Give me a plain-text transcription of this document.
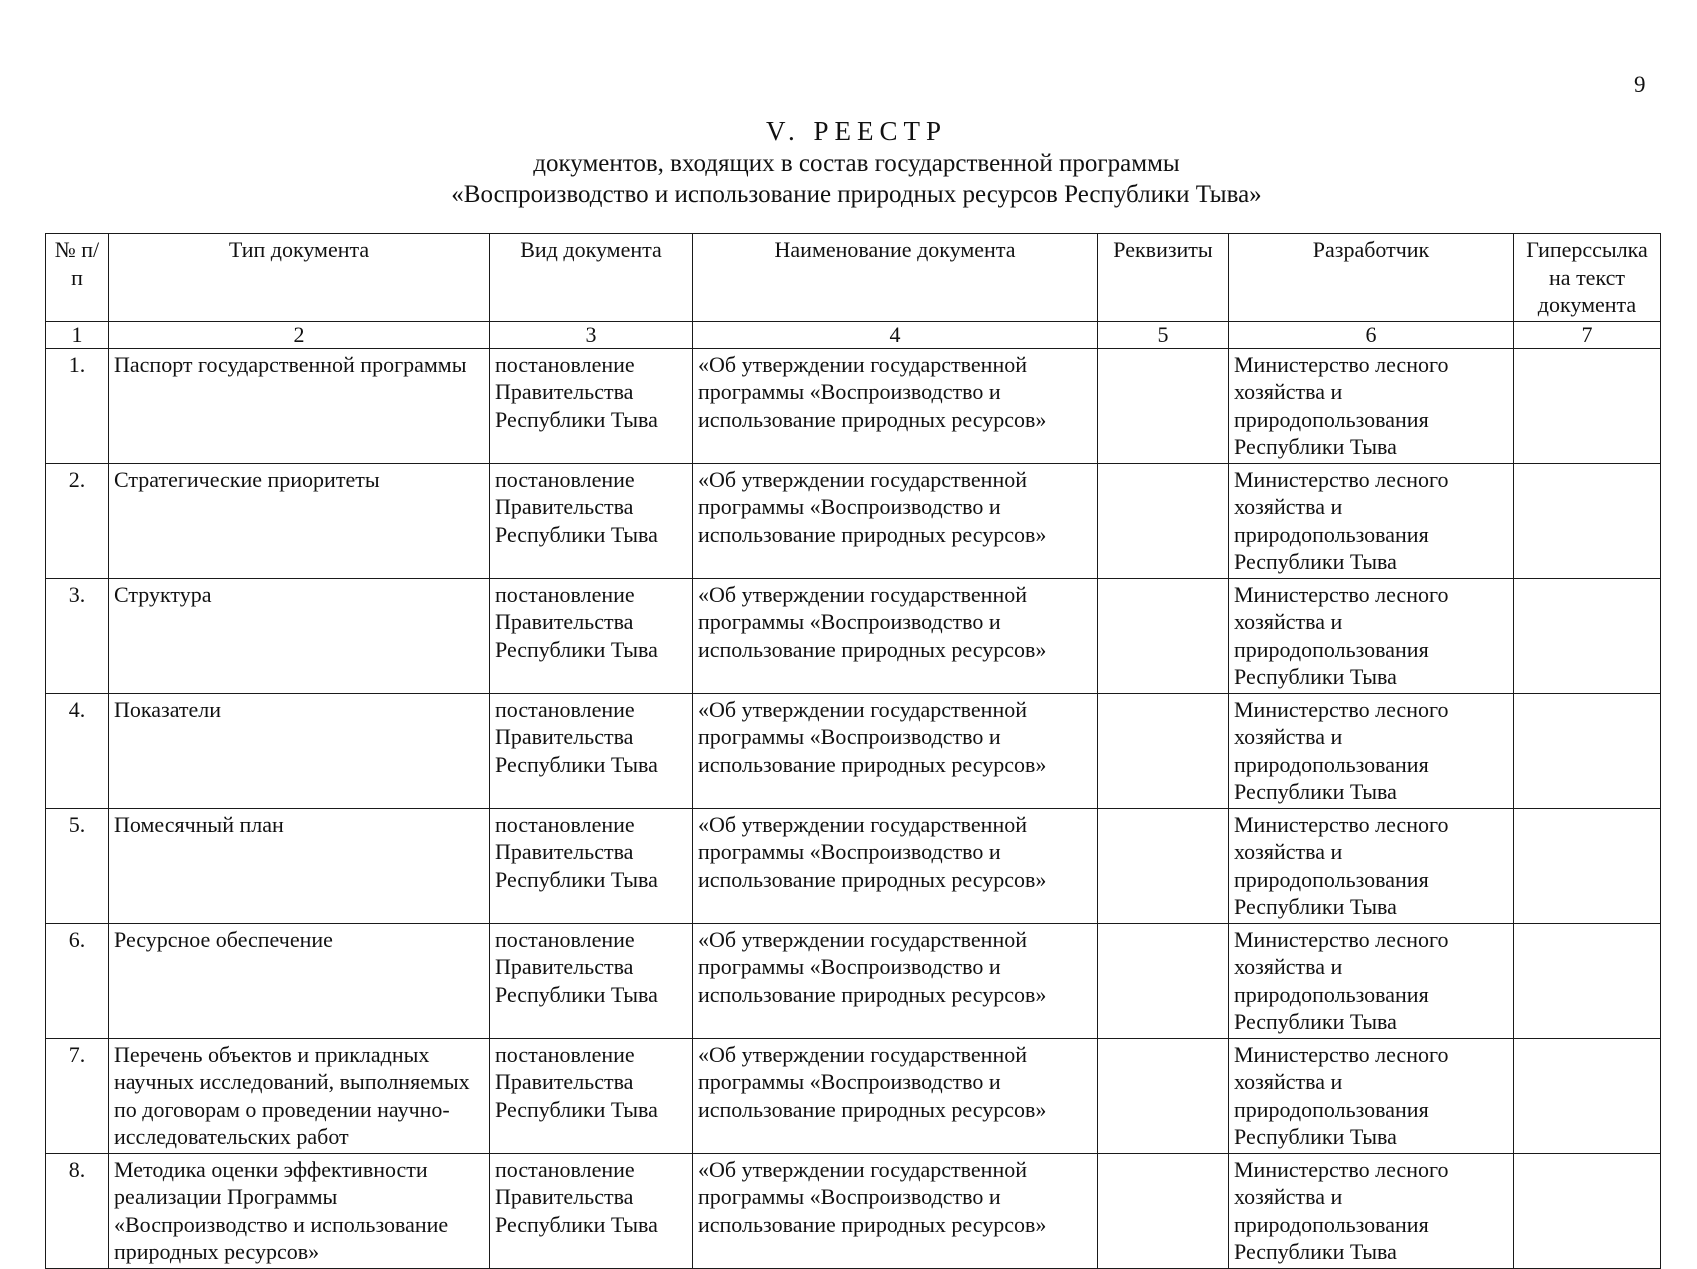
9
V. РЕЕСТР
документов, входящих в состав государственной программы
«Воспроизводство и использование природных ресурсов Республики Тыва»
№ п/п	Тип документа	Вид документа	Наименование документа	Реквизиты	Разработчик	Гиперссылка на текст документа
1	2	3	4	5	6	7
1.	Паспорт государственной программы	постановление Правительства Республики Тыва	«Об утверждении государственной программы «Воспроизводство и использование природных ресурсов»		Министерство лесного хозяйства и природопользования Республики Тыва	
2.	Стратегические приоритеты	постановление Правительства Республики Тыва	«Об утверждении государственной программы «Воспроизводство и использование природных ресурсов»		Министерство лесного хозяйства и природопользования Республики Тыва	
3.	Структура	постановление Правительства Республики Тыва	«Об утверждении государственной программы «Воспроизводство и использование природных ресурсов»		Министерство лесного хозяйства и природопользования Республики Тыва	
4.	Показатели	постановление Правительства Республики Тыва	«Об утверждении государственной программы «Воспроизводство и использование природных ресурсов»		Министерство лесного хозяйства и природопользования Республики Тыва	
5.	Помесячный план	постановление Правительства Республики Тыва	«Об утверждении государственной программы «Воспроизводство и использование природных ресурсов»		Министерство лесного хозяйства и природопользования Республики Тыва	
6.	Ресурсное обеспечение	постановление Правительства Республики Тыва	«Об утверждении государственной программы «Воспроизводство и использование природных ресурсов»		Министерство лесного хозяйства и природопользования Республики Тыва	
7.	Перечень объектов и прикладных научных исследований, выполняемых по договорам о проведении научно-исследовательских работ	постановление Правительства Республики Тыва	«Об утверждении государственной программы «Воспроизводство и использование природных ресурсов»		Министерство лесного хозяйства и природопользования Республики Тыва	
8.	Методика оценки эффективности реализации Программы «Воспроизводство и использование природных ресурсов»	постановление Правительства Республики Тыва	«Об утверждении государственной программы «Воспроизводство и использование природных ресурсов»		Министерство лесного хозяйства и природопользования Республики Тыва	
